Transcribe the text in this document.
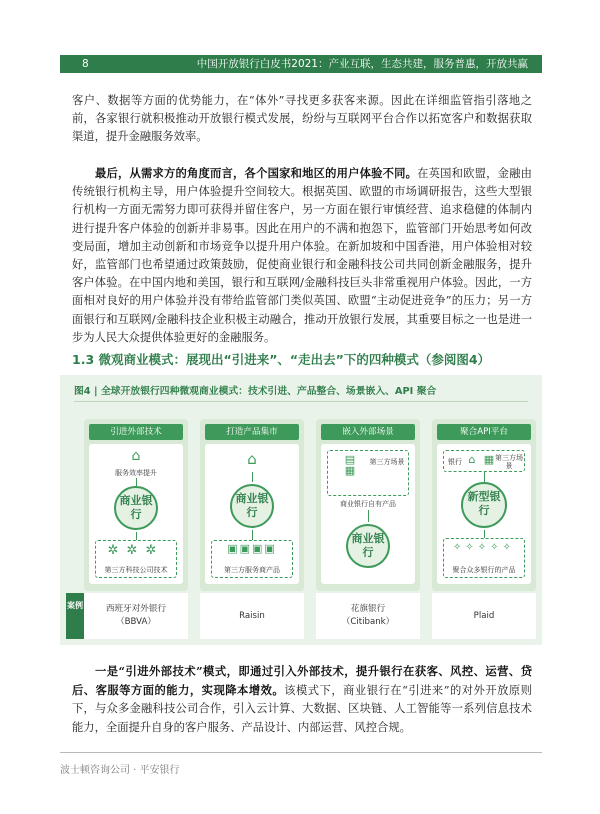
8	中国开放银行白皮书2021：产业互联，生态共建，服务普惠，开放共赢

客户、数据等方面的优势能力，在“体外”寻找更多获客来源。因此在详细监管指引落地之前，各家银行就积极推动开放银行模式发展，纷纷与互联网平台合作以拓宽客户和数据获取渠道，提升金融服务效率。

最后，从需求方的角度而言，各个国家和地区的用户体验不同。在英国和欧盟，金融由传统银行机构主导，用户体验提升空间较大。根据英国、欧盟的市场调研报告，这些大型银行机构一方面无需努力即可获得并留住客户，另一方面在银行审慎经营、追求稳健的体制内进行提升客户体验的创新并非易事。因此在用户的不满和抱怨下，监管部门开始思考如何改变局面，增加主动创新和市场竞争以提升用户体验。在新加坡和中国香港，用户体验相对较好，监管部门也希望通过政策鼓励，促使商业银行和金融科技公司共同创新金融服务，提升客户体验。在中国内地和美国，银行和互联网/金融科技巨头非常重视用户体验。因此，一方面相对良好的用户体验并没有带给监管部门类似英国、欧盟“主动促进竞争”的压力；另一方面银行和互联网/金融科技企业积极主动融合，推动开放银行发展，其重要目标之一也是进一步为人民大众提供体验更好的金融服务。

1.3 微观商业模式：展现出“引进来”、“走出去”下的四种模式（参阅图4）
图4 | 全球开放银行四种微观商业模式：技术引进、产品整合、场景嵌入、API 聚合
引进外部技术
⌂
服务效率提升
商业银行
✲✲✲
第三方科技公司技术
打造产品集市
⌂
商业银行
▣▣▣▣
第三方服务商产品
嵌入外部场景
▤
▦
第三方场景
商业银行自有产品
商业银行
聚合API平台
银行 ⌂ ▦ 第三方场景
新型银行
✧✧✧✧✧
聚合众多银行的产品
案例	西班牙对外银行
（BBVA）
Raisin
花旗银行
（Citibank）
Plaid

一是“引进外部技术”模式，即通过引入外部技术，提升银行在获客、风控、运营、贷后、客服等方面的能力，实现降本增效。该模式下，商业银行在“引进来”的对外开放原则下，与众多金融科技公司合作，引入云计算、大数据、区块链、人工智能等一系列信息技术能力，全面提升自身的客户服务、产品设计、内部运营、风控合规。

波士顿咨询公司 · 平安银行
